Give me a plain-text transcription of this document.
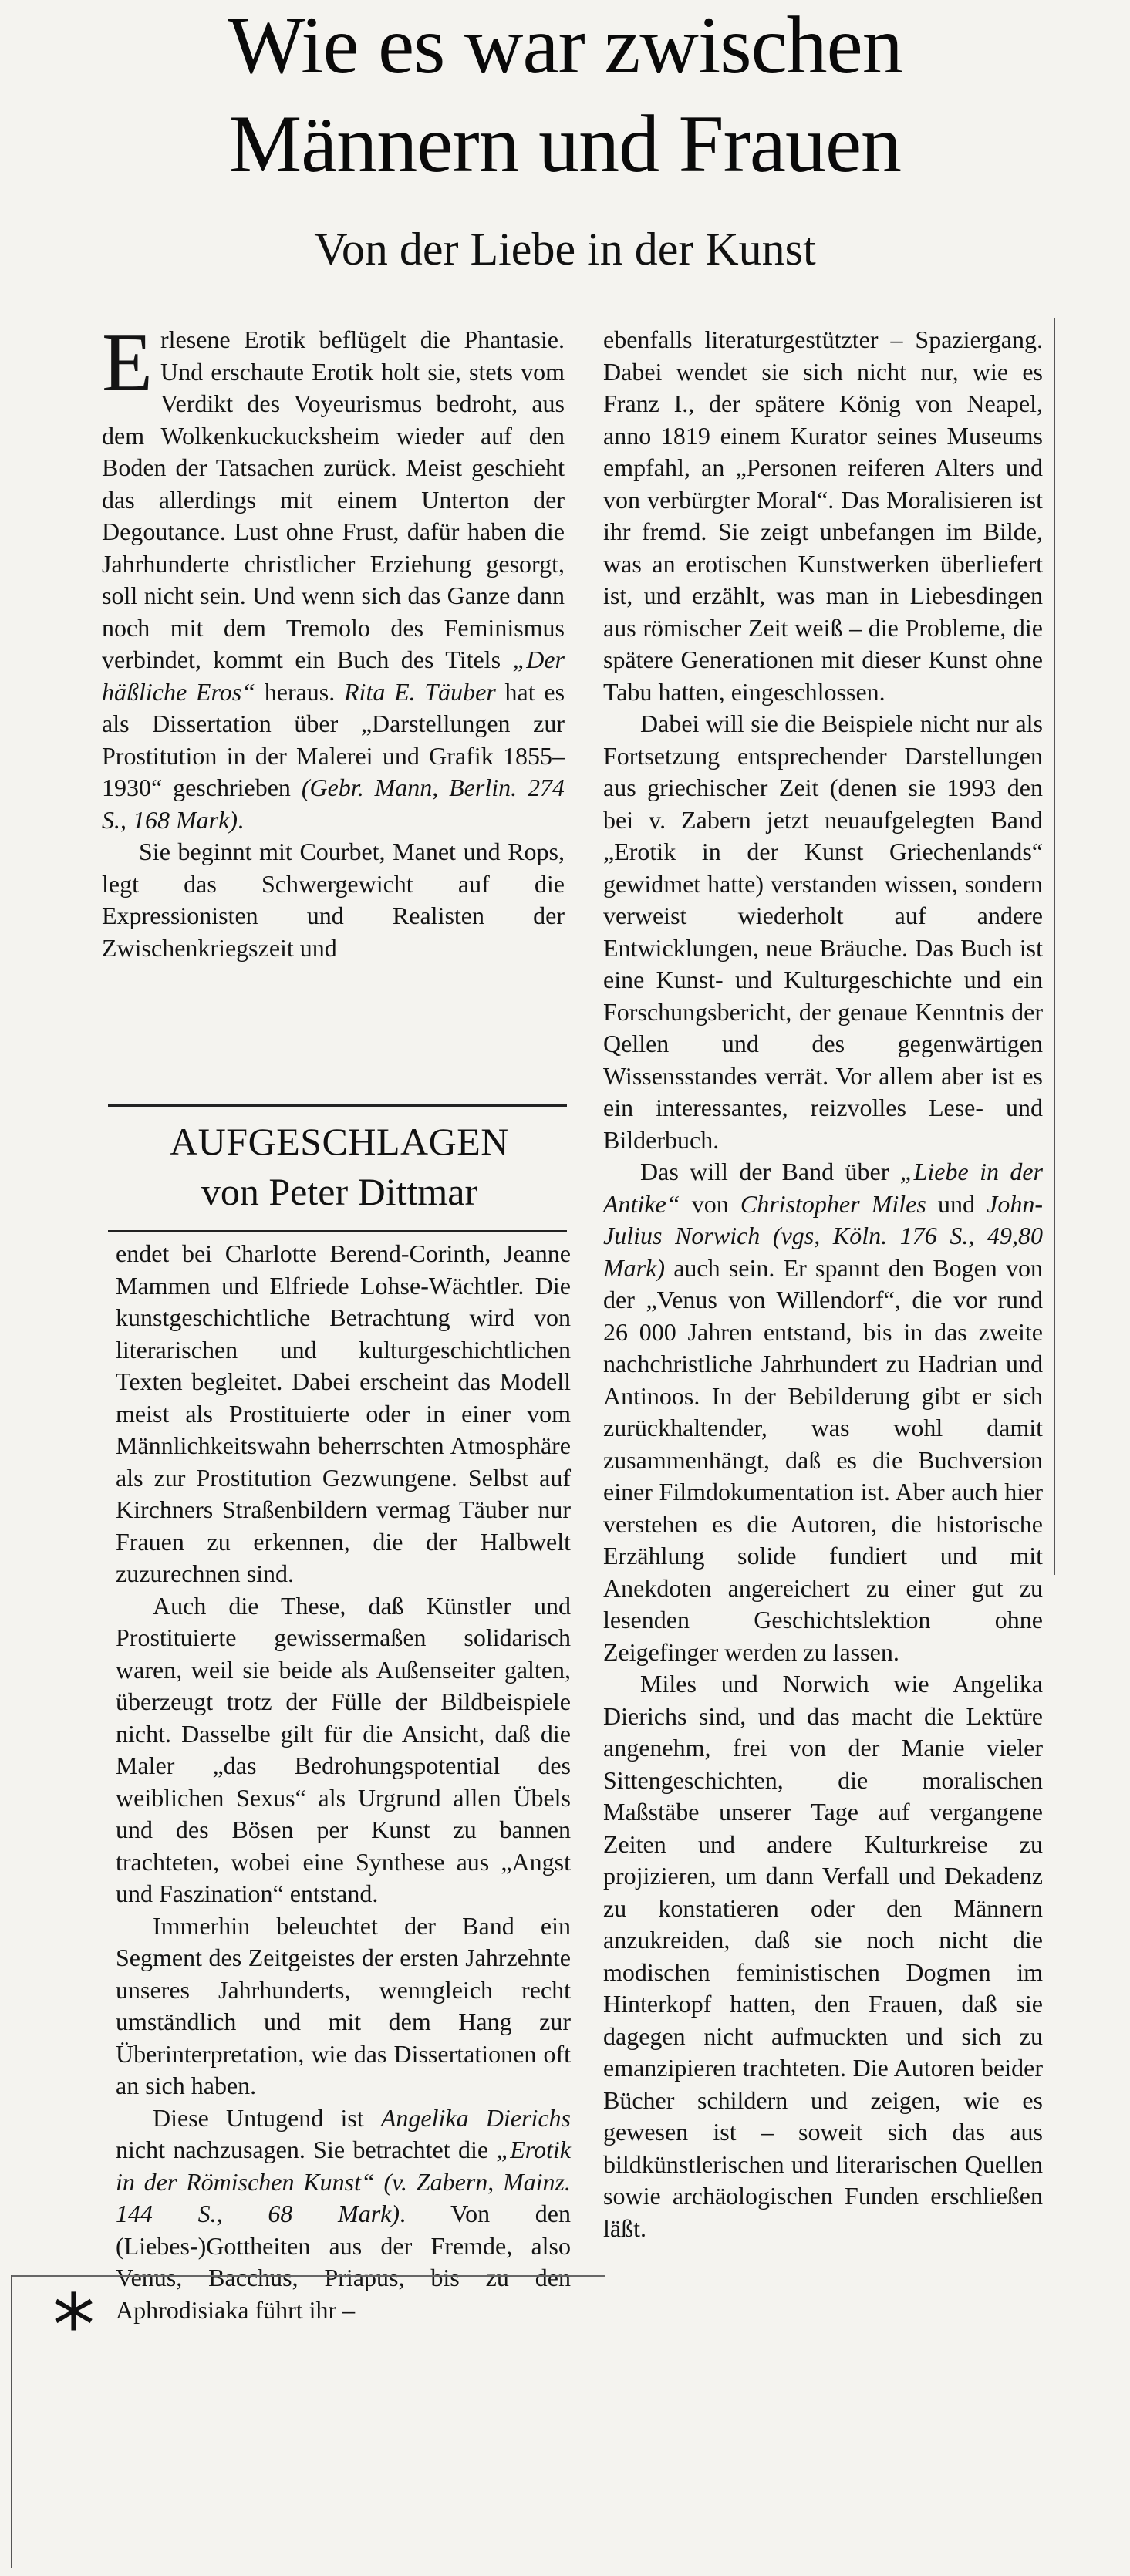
Wie es war zwischen
Männern und Frauen
Von der Liebe in der Kunst

Erlesene Erotik beflügelt die Phantasie. Und erschaute Erotik holt sie, stets vom Verdikt des Voyeurismus bedroht, aus dem Wolkenkuckucksheim wieder auf den Boden der Tatsachen zurück. Meist geschieht das allerdings mit einem Unterton der Degoutance. Lust ohne Frust, dafür haben die Jahrhunderte christlicher Erziehung gesorgt, soll nicht sein. Und wenn sich das Ganze dann noch mit dem Tremolo des Feminismus verbindet, kommt ein Buch des Titels „Der häßliche Eros“ heraus. Rita E. Täuber hat es als Dissertation über „Darstellungen zur Prostitution in der Malerei und Grafik 1855–1930“ geschrieben (Gebr. Mann, Berlin. 274 S., 168 Mark).

Sie beginnt mit Courbet, Manet und Rops, legt das Schwergewicht auf die Expressionisten und Realisten der Zwischenkriegszeit und

AUFGESCHLAGEN
von Peter Dittmar

endet bei Charlotte Berend-Corinth, Jeanne Mammen und Elfriede Lohse-Wächtler. Die kunstgeschichtliche Betrachtung wird von literarischen und kulturgeschichtlichen Texten begleitet. Dabei erscheint das Modell meist als Prostituierte oder in einer vom Männlichkeitswahn beherrschten Atmosphäre als zur Prostitution Gezwungene. Selbst auf Kirchners Straßenbildern vermag Täuber nur Frauen zu erkennen, die der Halbwelt zuzurechnen sind.

Auch die These, daß Künstler und Prostituierte gewissermaßen solidarisch waren, weil sie beide als Außenseiter galten, überzeugt trotz der Fülle der Bildbeispiele nicht. Dasselbe gilt für die Ansicht, daß die Maler „das Bedrohungspotential des weiblichen Sexus“ als Urgrund allen Übels und des Bösen per Kunst zu bannen trachteten, wobei eine Synthese aus „Angst und Faszination“ entstand.

Immerhin beleuchtet der Band ein Segment des Zeitgeistes der ersten Jahrzehnte unseres Jahrhunderts, wenngleich recht umständlich und mit dem Hang zur Überinterpretation, wie das Dissertationen oft an sich haben.

Diese Untugend ist Angelika Dierichs nicht nachzusagen. Sie betrachtet die „Erotik in der Römischen Kunst“ (v. Zabern, Mainz. 144 S., 68 Mark). Von den (Liebes-)Gottheiten aus der Fremde, also Venus, Bacchus, Priapus, bis zu den Aphrodisiaka führt ihr –

ebenfalls literaturgestützter – Spaziergang. Dabei wendet sie sich nicht nur, wie es Franz I., der spätere König von Neapel, anno 1819 einem Kurator seines Museums empfahl, an „Personen reiferen Alters und von verbürgter Moral“. Das Moralisieren ist ihr fremd. Sie zeigt unbefangen im Bilde, was an erotischen Kunstwerken überliefert ist, und erzählt, was man in Liebesdingen aus römischer Zeit weiß – die Probleme, die spätere Generationen mit dieser Kunst ohne Tabu hatten, eingeschlossen.

Dabei will sie die Beispiele nicht nur als Fortsetzung entsprechender Darstellungen aus griechischer Zeit (denen sie 1993 den bei v. Zabern jetzt neuaufgelegten Band „Erotik in der Kunst Griechenlands“ gewidmet hatte) verstanden wissen, sondern verweist wiederholt auf andere Entwicklungen, neue Bräuche. Das Buch ist eine Kunst- und Kulturgeschichte und ein Forschungsbericht, der genaue Kenntnis der Qellen und des gegenwärtigen Wissensstandes verrät. Vor allem aber ist es ein interessantes, reizvolles Lese- und Bilderbuch.

Das will der Band über „Liebe in der Antike“ von Christopher Miles und John-Julius Norwich (vgs, Köln. 176 S., 49,80 Mark) auch sein. Er spannt den Bogen von der „Venus von Willendorf“, die vor rund 26 000 Jahren entstand, bis in das zweite nachchristliche Jahrhundert zu Hadrian und Antinoos. In der Bebilderung gibt er sich zurückhaltender, was wohl damit zusammenhängt, daß es die Buchversion einer Filmdokumentation ist. Aber auch hier verstehen es die Autoren, die historische Erzählung solide fundiert und mit Anekdoten angereichert zu einer gut zu lesenden Geschichtslektion ohne Zeigefinger werden zu lassen.

Miles und Norwich wie Angelika Dierichs sind, und das macht die Lektüre angenehm, frei von der Manie vieler Sittengeschichten, die moralischen Maßstäbe unserer Tage auf vergangene Zeiten und andere Kulturkreise zu projizieren, um dann Verfall und Dekadenz zu konstatieren oder den Männern anzukreiden, daß sie noch nicht die modischen feministischen Dogmen im Hinterkopf hatten, den Frauen, daß sie dagegen nicht aufmuckten und sich zu emanzipieren trachteten. Die Autoren beider Bücher schildern und zeigen, wie es gewesen ist – soweit sich das aus bildkünstlerischen und literarischen Quellen sowie archäologischen Funden erschließen läßt.

*
